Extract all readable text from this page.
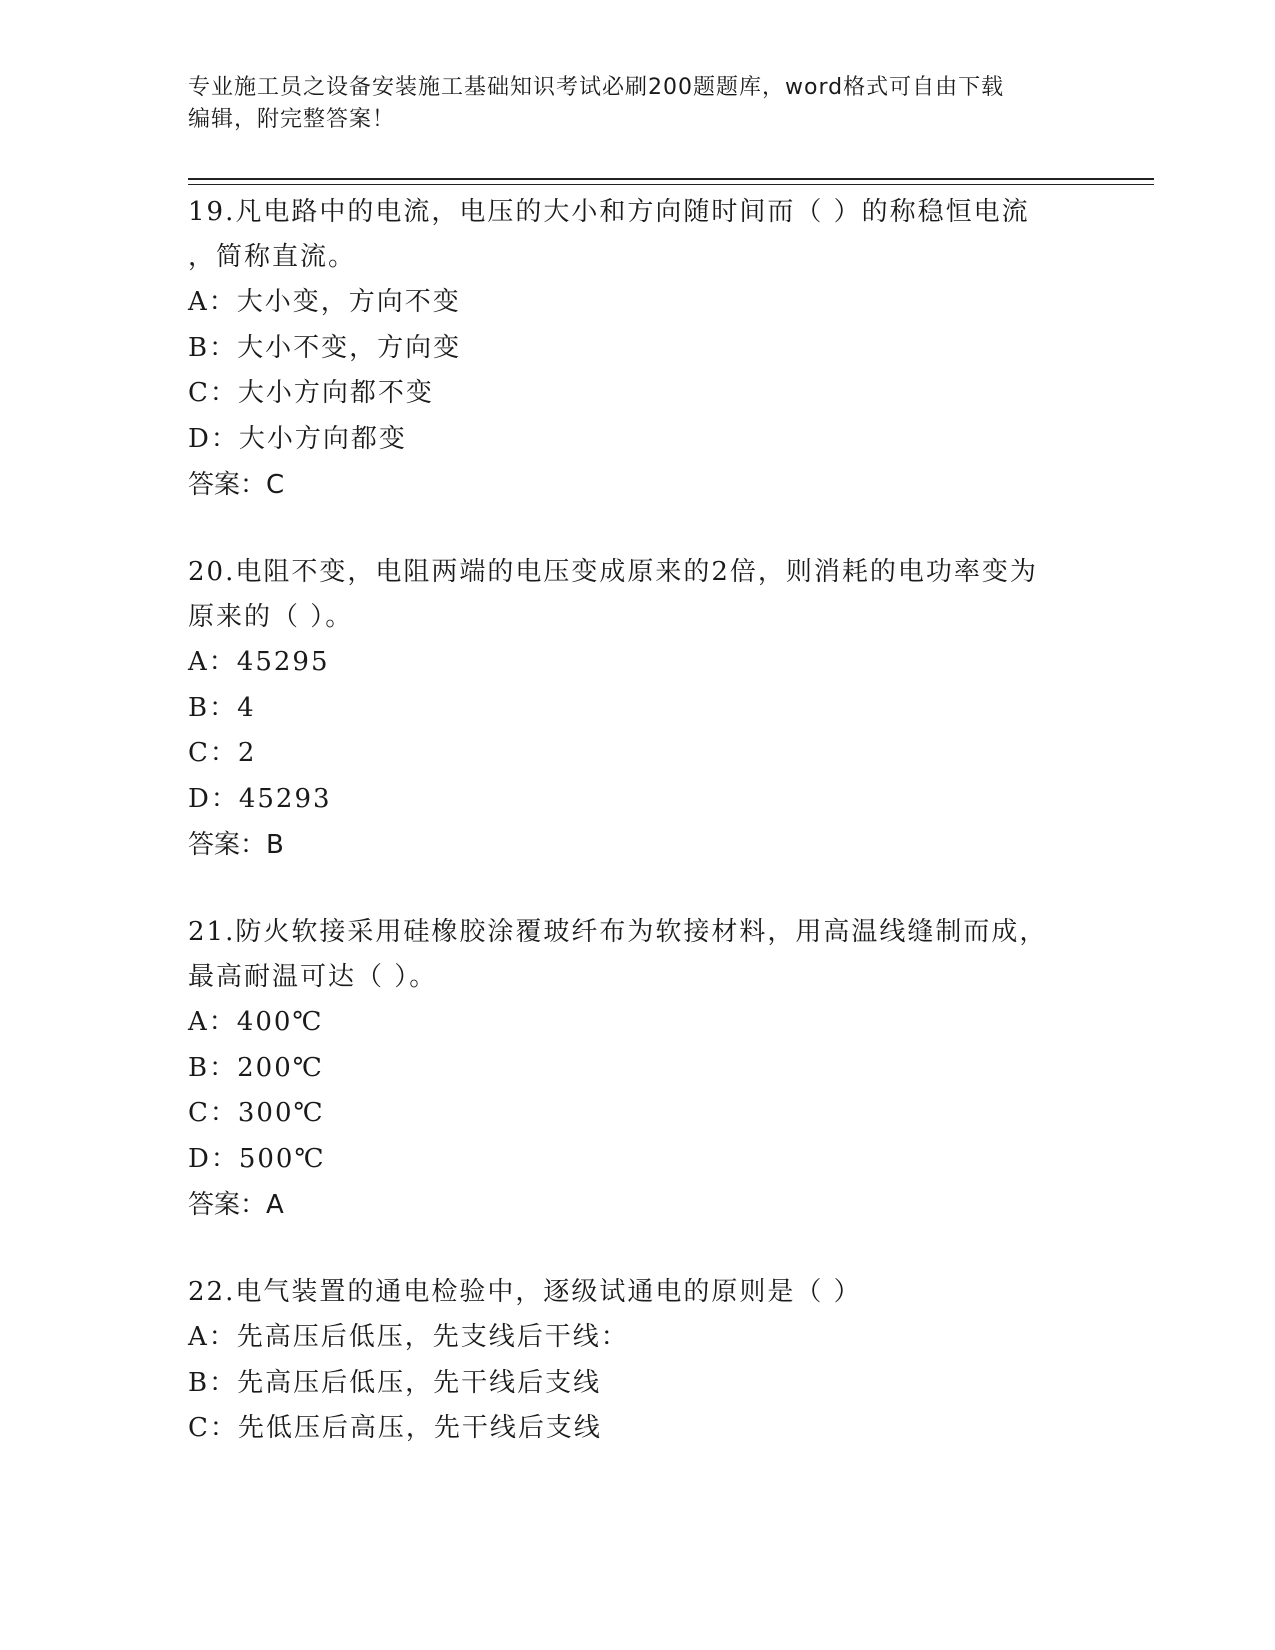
专业施工员之设备安装施工基础知识考试必刷200题题库，word格式可自由下载
编辑，附完整答案！
19.凡电路中的电流，电压的大小和方向随时间而（ ）的称稳恒电流
，简称直流。
A：大小变，方向不变
B：大小不变，方向变
C：大小方向都不变
D：大小方向都变
答案：C
20.电阻不变，电阻两端的电压变成原来的2倍，则消耗的电功率变为
原来的（ ）。
A：45295
B：4
C：2
D：45293
答案：B
21.防火软接采用硅橡胶涂覆玻纤布为软接材料，用高温线缝制而成，
最高耐温可达（ ）。
A：400℃
B：200℃
C：300℃
D：500℃
答案：A
22.电气装置的通电检验中，逐级试通电的原则是（ ）
A：先高压后低压，先支线后干线：
B：先高压后低压，先干线后支线
C：先低压后高压，先干线后支线
